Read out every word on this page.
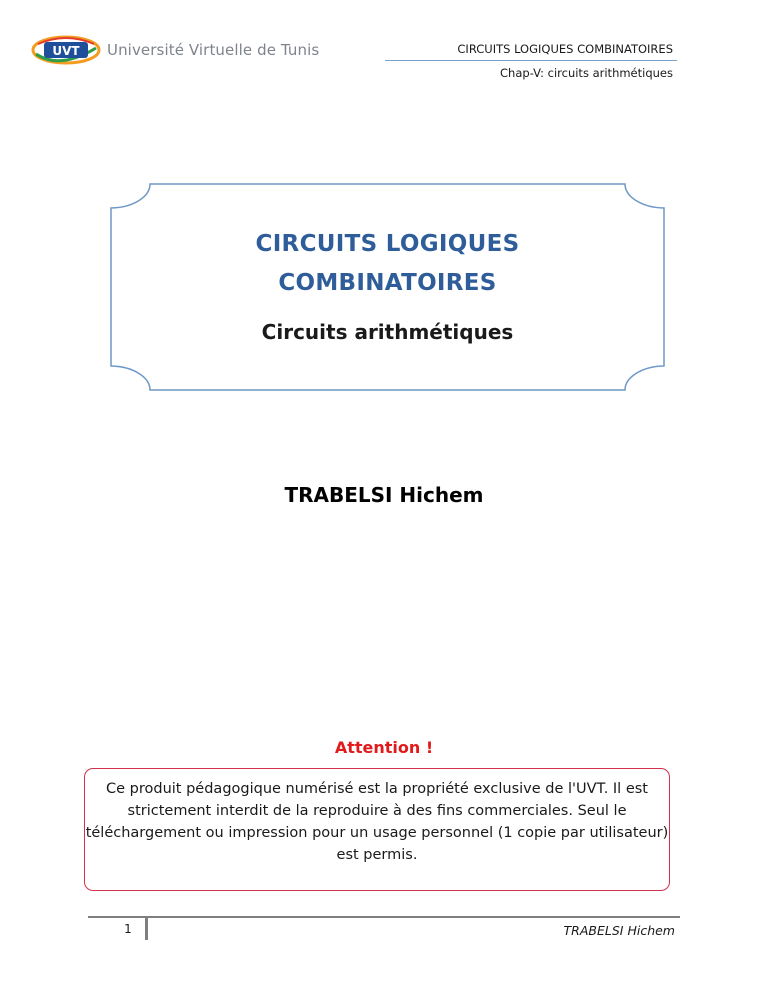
UVT Université Virtuelle de Tunis	CIRCUITS LOGIQUES COMBINATOIRES
Chap-V: circuits arithmétiques
CIRCUITS LOGIQUES
COMBINATOIRES
Circuits arithmétiques
TRABELSI Hichem
Attention !
Ce produit pédagogique numérisé est la propriété exclusive de l'UVT. Il est strictement interdit de la reproduire à des fins commerciales. Seul le téléchargement ou impression pour un usage personnel (1 copie par utilisateur) est permis.
1	TRABELSI Hichem
